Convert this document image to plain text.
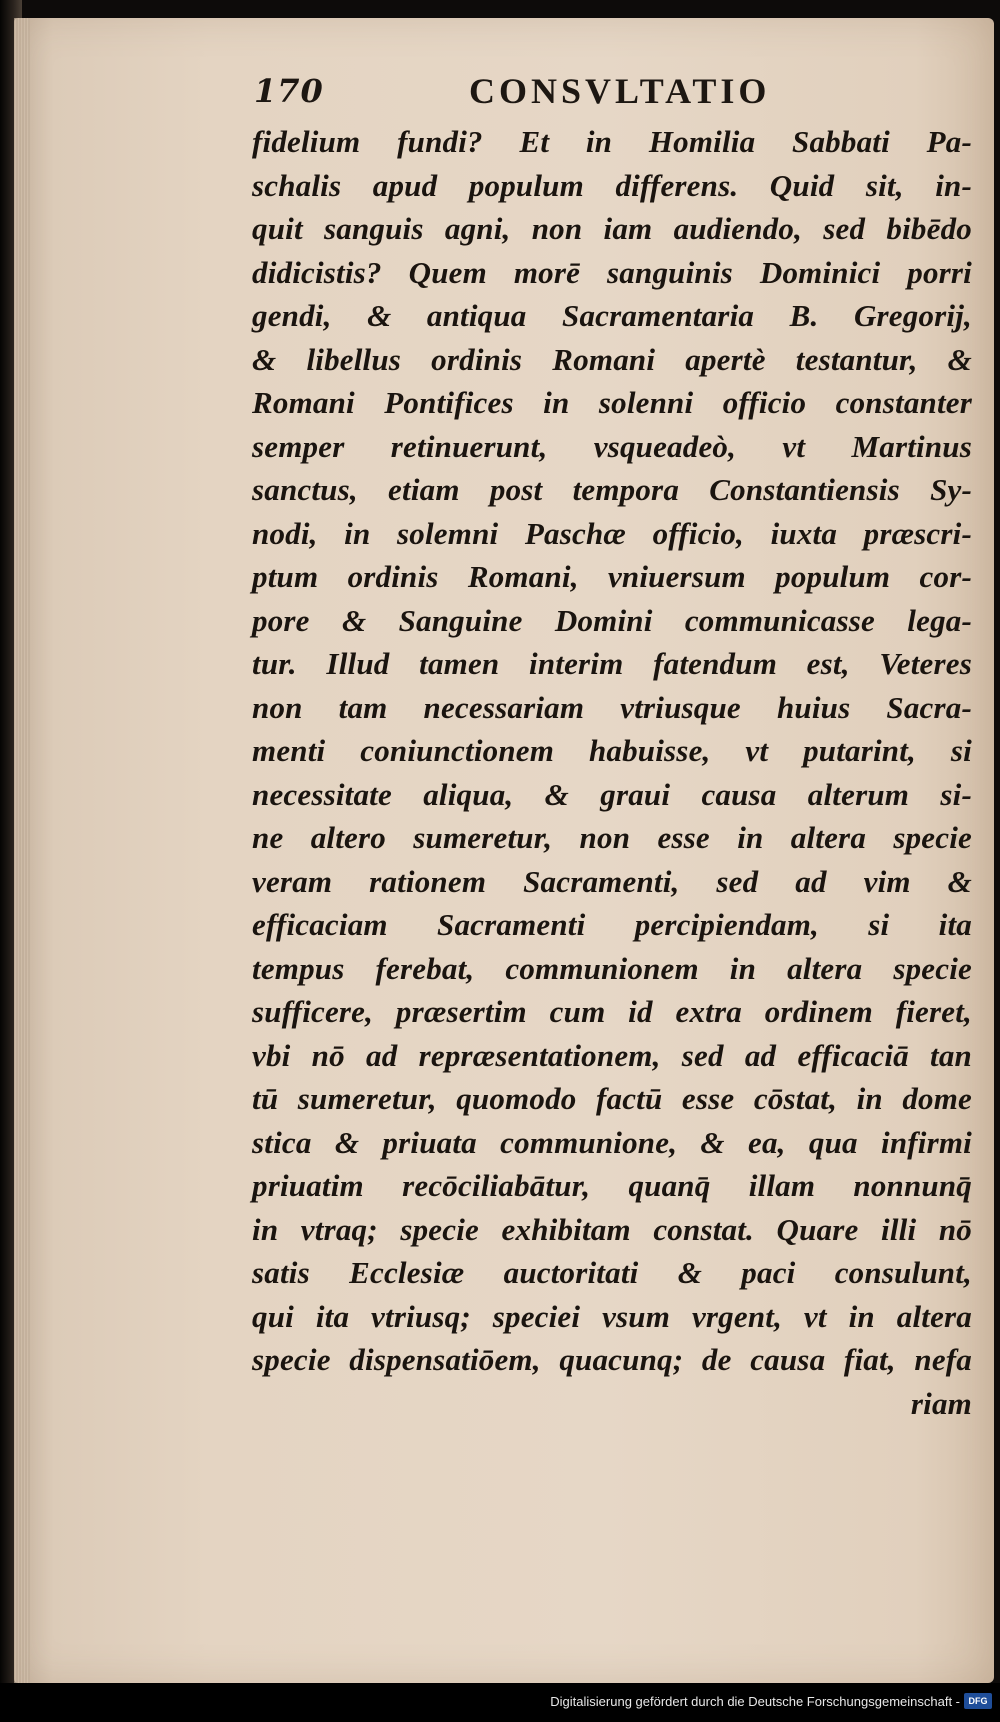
170	CONSVLTATIO
fidelium fundi? Et in Homilia Sabbati Pa-
schalis apud populum differens. Quid sit, in-
quit sanguis agni, non iam audiendo, sed bibēdo
didicistis? Quem morē sanguinis Dominici porri
gendi, & antiqua Sacramentaria B. Gregorij,
& libellus ordinis Romani apertè testantur, &
Romani Pontifices in solenni officio constanter
semper retinuerunt, vsqueadeò, vt Martinus
sanctus, etiam post tempora Constantiensis Sy-
nodi, in solemni Paschæ officio, iuxta præscri-
ptum ordinis Romani, vniuersum populum cor-
pore & Sanguine Domini communicasse lega-
tur. Illud tamen interim fatendum est, Veteres
non tam necessariam vtriusque huius Sacra-
menti coniunctionem habuisse, vt putarint, si
necessitate aliqua, & graui causa alterum si-
ne altero sumeretur, non esse in altera specie
veram rationem Sacramenti, sed ad vim &
efficaciam Sacramenti percipiendam, si ita
tempus ferebat, communionem in altera specie
sufficere, præsertim cum id extra ordinem fieret,
vbi nō ad repræsentationem, sed ad efficaciā tan
tū sumeretur, quomodo factū esse cōstat, in dome
stica & priuata communione, & ea, qua infirmi
priuatim recōciliabātur, quanq̄ illam nonnunq̄
in vtraq; specie exhibitam constat. Quare illi nō
satis Ecclesiæ auctoritati & paci consulunt,
qui ita vtriusq; speciei vsum vrgent, vt in altera
specie dispensatiōem, quacunq; de causa fiat, nefa
riam
Digitalisierung gefördert durch die Deutsche Forschungsgemeinschaft - DFG
